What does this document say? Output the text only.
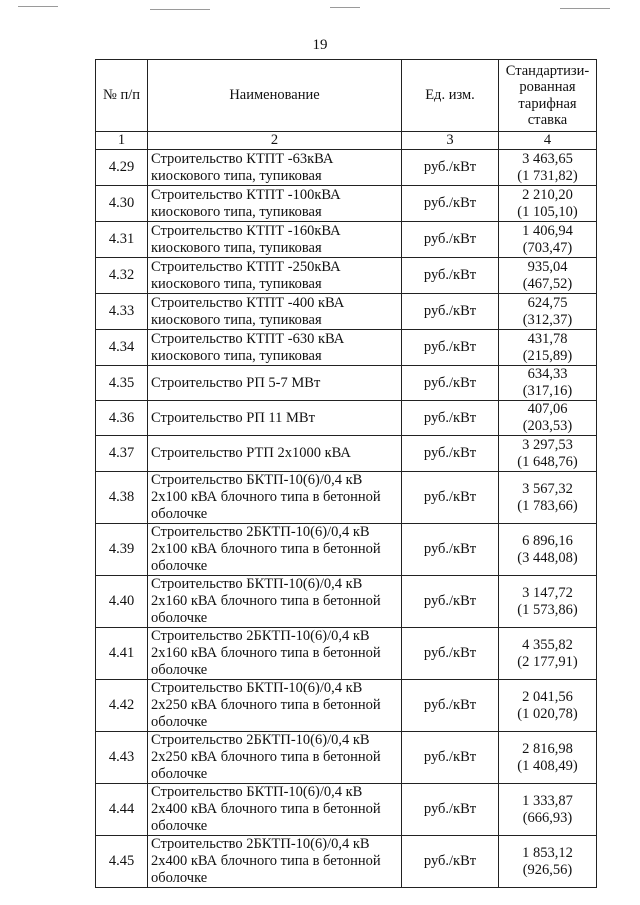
19
№ п/п	Наименование	Ед. изм.	Стандартизи-рованная тарифная ставка
1	2	3	4
4.29	Строительство КТПТ -63кВА киоскового типа, тупиковая	руб./кВт	3 463,65
(1 731,82)

4.30	Строительство КТПТ -100кВА киоскового типа, тупиковая	руб./кВт	2 210,20
(1 105,10)

4.31	Строительство КТПТ -160кВА киоскового типа, тупиковая	руб./кВт	1 406,94
(703,47)

4.32	Строительство КТПТ -250кВА киоскового типа, тупиковая	руб./кВт	935,04 (467,52)

4.33	Строительство КТПТ -400 кВА киоскового типа, тупиковая	руб./кВт	624,75 (312,37)

4.34	Строительство КТПТ -630 кВА киоскового типа, тупиковая	руб./кВт	431,78 (215,89)

4.35	Строительство РП 5-7 МВт	руб./кВт	634,33 (317,16)

4.36	Строительство РП 11 МВт	руб./кВт	407,06 (203,53)

4.37	Строительство РТП 2х1000 кВА	руб./кВт	3 297,53
(1 648,76)

4.38	Строительство БКТП-10(6)/0,4 кВ 2х100 кВА блочного типа в бетонной оболочке	руб./кВт	3 567,32
(1 783,66)

4.39	Строительство 2БКТП-10(6)/0,4 кВ 2х100 кВА блочного типа в бетонной оболочке	руб./кВт	6 896,16
(3 448,08)

4.40	Строительство БКТП-10(6)/0,4 кВ 2х160 кВА блочного типа в бетонной оболочке	руб./кВт	3 147,72
(1 573,86)

4.41	Строительство 2БКТП-10(6)/0,4 кВ 2х160 кВА блочного типа в бетонной оболочке	руб./кВт	4 355,82
(2 177,91)

4.42	Строительство БКТП-10(6)/0,4 кВ 2х250 кВА блочного типа в бетонной оболочке	руб./кВт	2 041,56
(1 020,78)

4.43	Строительство 2БКТП-10(6)/0,4 кВ 2х250 кВА блочного типа в бетонной оболочке	руб./кВт	2 816,98
(1 408,49)

4.44	Строительство БКТП-10(6)/0,4 кВ 2х400 кВА блочного типа в бетонной оболочке	руб./кВт	1 333,87
(666,93)

4.45	Строительство 2БКТП-10(6)/0,4 кВ 2х400 кВА блочного типа в бетонной оболочке	руб./кВт	1 853,12
(926,56)
